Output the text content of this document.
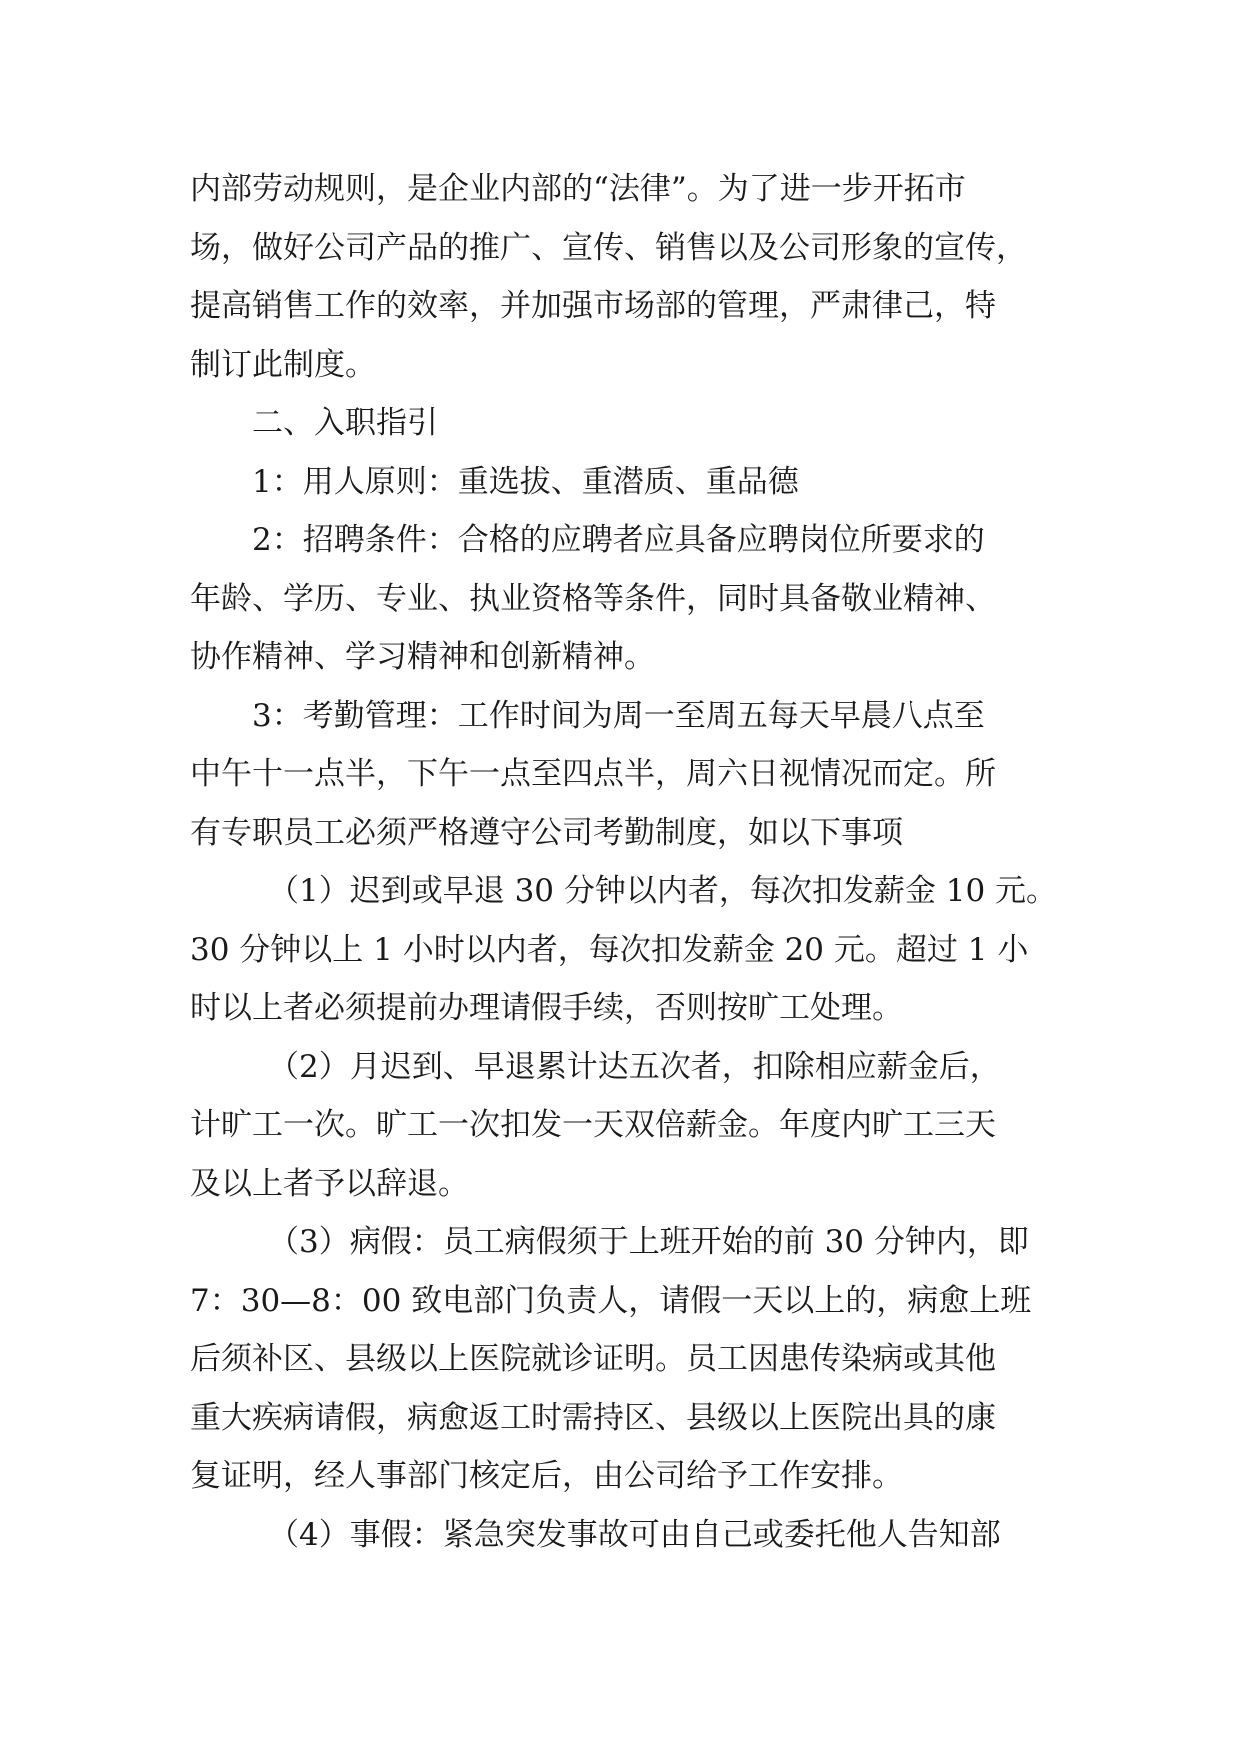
内部劳动规则，是企业内部的“法律”。为了进一步开拓市
场，做好公司产品的推广、宣传、销售以及公司形象的宣传，
提高销售工作的效率，并加强市场部的管理，严肃律己，特
制订此制度。
二、入职指引
1：用人原则：重选拔、重潜质、重品德
2：招聘条件：合格的应聘者应具备应聘岗位所要求的
年龄、学历、专业、执业资格等条件，同时具备敬业精神、
协作精神、学习精神和创新精神。
3：考勤管理：工作时间为周一至周五每天早晨八点至
中午十一点半，下午一点至四点半，周六日视情况而定。所
有专职员工必须严格遵守公司考勤制度，如以下事项
（1）迟到或早退 30 分钟以内者，每次扣发薪金 10 元。
30 分钟以上 1 小时以内者，每次扣发薪金 20 元。超过 1 小
时以上者必须提前办理请假手续，否则按旷工处理。
（2）月迟到、早退累计达五次者，扣除相应薪金后，
计旷工一次。旷工一次扣发一天双倍薪金。年度内旷工三天
及以上者予以辞退。
（3）病假：员工病假须于上班开始的前 30 分钟内，即
7：30—8：00 致电部门负责人，请假一天以上的，病愈上班
后须补区、县级以上医院就诊证明。员工因患传染病或其他
重大疾病请假，病愈返工时需持区、县级以上医院出具的康
复证明，经人事部门核定后，由公司给予工作安排。
（4）事假：紧急突发事故可由自己或委托他人告知部
